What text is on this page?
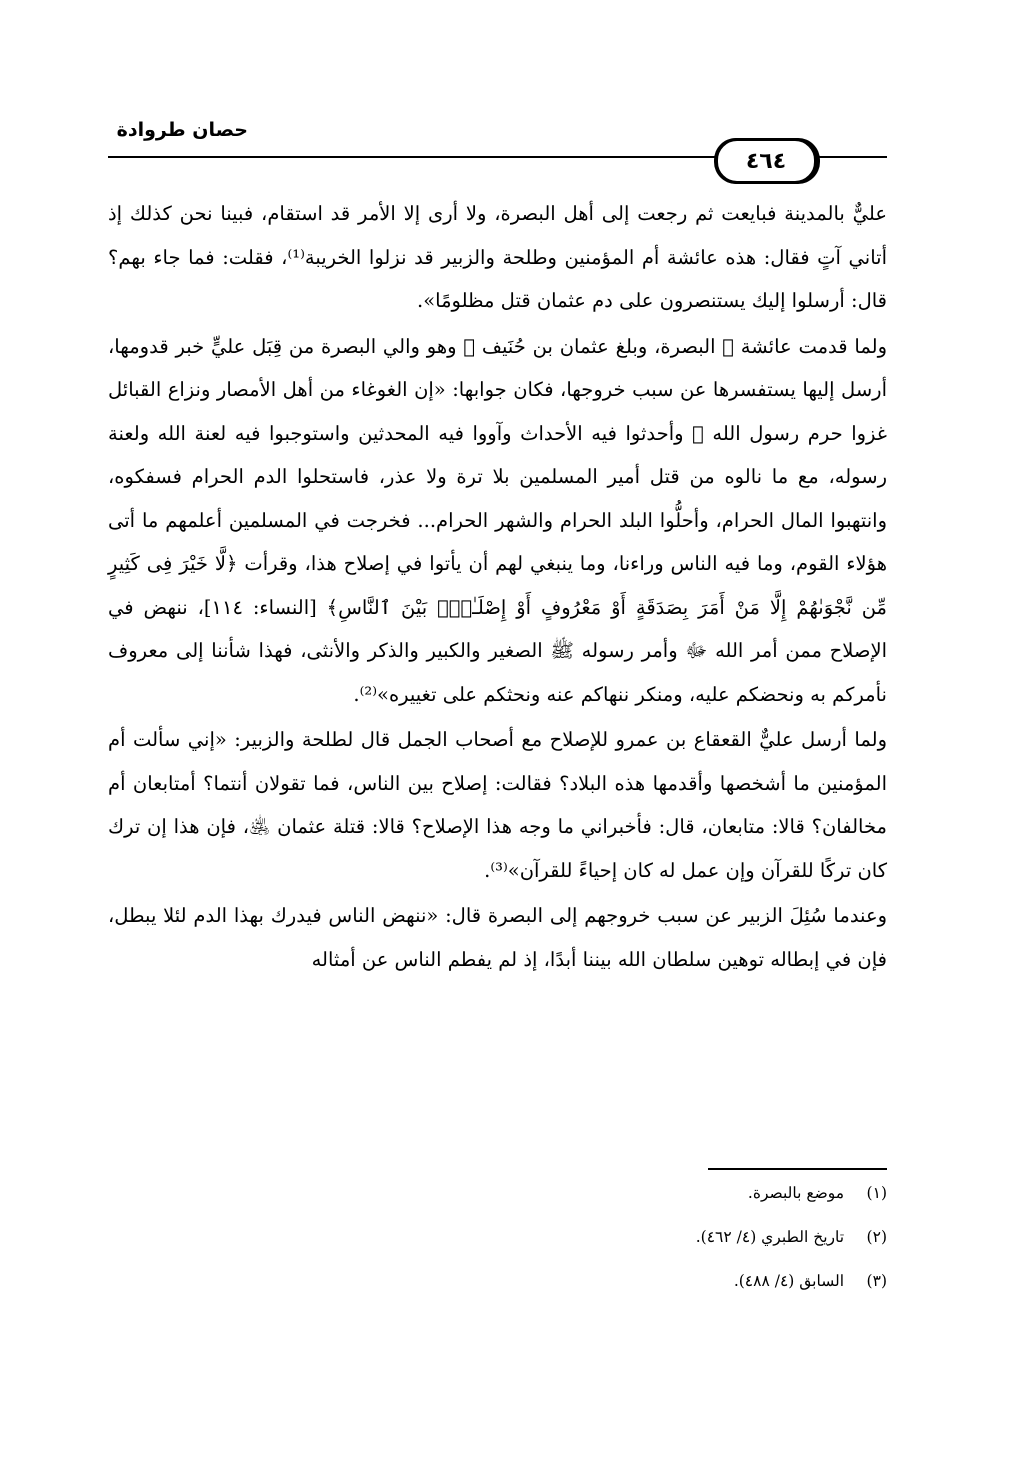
حصان طروادة
٤٦٤

عليٌّ بالمدينة فبايعت ثم رجعت إلى أهل البصرة، ولا أرى إلا الأمر قد استقام، فبينا نحن كذلك إذ أتاني آتٍ فقال: هذه عائشة أم المؤمنين وطلحة والزبير قد نزلوا الخريبة⁽¹⁾، فقلت: فما جاء بهم؟ قال: أرسلوا إليك يستنصرون على دم عثمان قتل مظلومًا».

ولما قدمت عائشة ﵂ البصرة، وبلغ عثمان بن حُنَيف ﵁ وهو والي البصرة من قِبَل عليٍّ خبر قدومها، أرسل إليها يستفسرها عن سبب خروجها، فكان جوابها: «إن الغوغاء من أهل الأمصار ونزاع القبائل غزوا حرم رسول الله ﷺ وأحدثوا فيه الأحداث وآووا فيه المحدثين واستوجبوا فيه لعنة الله ولعنة رسوله، مع ما نالوه من قتل أمير المسلمين بلا ترة ولا عذر، فاستحلوا الدم الحرام فسفكوه، وانتهبوا المال الحرام، وأحلُّوا البلد الحرام والشهر الحرام... فخرجت في المسلمين أعلمهم ما أتى هؤلاء القوم، وما فيه الناس وراءنا، وما ينبغي لهم أن يأتوا في إصلاح هذا، وقرأت ﴿لَّا خَيْرَ فِى كَثِيرٍ مِّن نَّجْوَىٰهُمْ إِلَّا مَنْ أَمَرَ بِصَدَقَةٍ أَوْ مَعْرُوفٍ أَوْ إِصْلَـٰحٍۭ بَيْنَ ٱلنَّاسِ﴾ [النساء: ١١٤]، ننهض في الإصلاح ممن أمر الله ﷻ وأمر رسوله ﷺ الصغير والكبير والذكر والأنثى، فهذا شأننا إلى معروف نأمركم به ونحضكم عليه، ومنكر ننهاكم عنه ونحثكم على تغييره»⁽²⁾.

ولما أرسل عليٌّ القعقاع بن عمرو للإصلاح مع أصحاب الجمل قال لطلحة والزبير: «إني سألت أم المؤمنين ما أشخصها وأقدمها هذه البلاد؟ فقالت: إصلاح بين الناس، فما تقولان أنتما؟ أمتابعان أم مخالفان؟ قالا: متابعان، قال: فأخبراني ما وجه هذا الإصلاح؟ قالا: قتلة عثمان ﵁، فإن هذا إن ترك كان تركًا للقرآن وإن عمل له كان إحياءً للقرآن»⁽³⁾.

وعندما سُئِلَ الزبير عن سبب خروجهم إلى البصرة قال: «ننهض الناس فيدرك بهذا الدم لئلا يبطل، فإن في إبطاله توهين سلطان الله بيننا أبدًا، إذ لم يفطم الناس عن أمثاله

(١) موضع بالبصرة.
(٢) تاريخ الطبري (٤/ ٤٦٢).
(٣) السابق (٤/ ٤٨٨).
